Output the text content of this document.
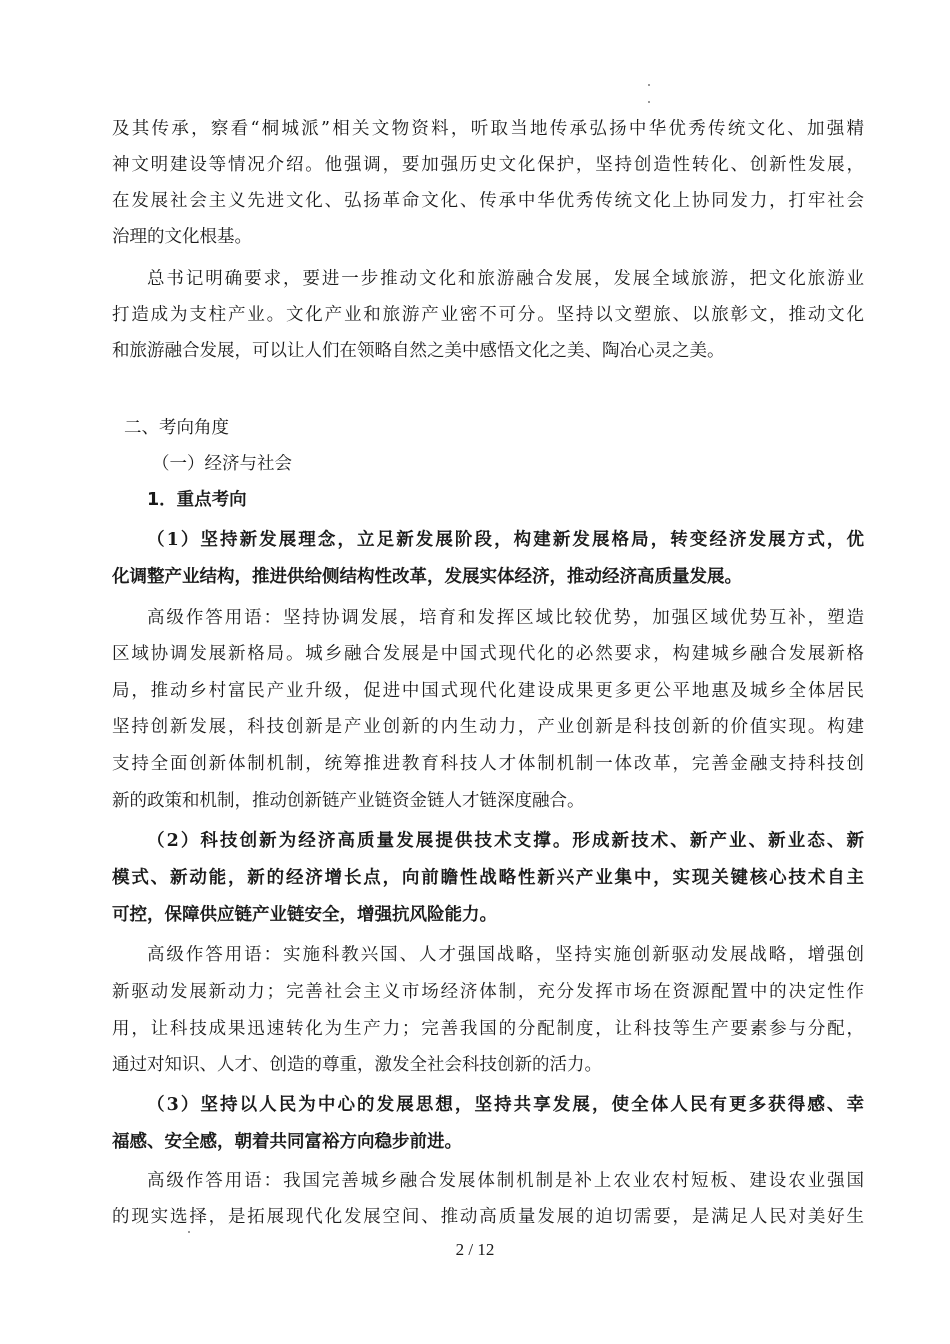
及其传承，察看“桐城派”相关文物资料，听取当地传承弘扬中华优秀传统文化、加强精
神文明建设等情况介绍。他强调，要加强历史文化保护，坚持创造性转化、创新性发展，
在发展社会主义先进文化、弘扬革命文化、传承中华优秀传统文化上协同发力，打牢社会
治理的文化根基。
总书记明确要求，要进一步推动文化和旅游融合发展，发展全域旅游，把文化旅游业
打造成为支柱产业。文化产业和旅游产业密不可分。坚持以文塑旅、以旅彰文，推动文化
和旅游融合发展，可以让人们在领略自然之美中感悟文化之美、陶冶心灵之美。
二、考向角度
（一）经济与社会
1．重点考向
（1）坚持新发展理念，立足新发展阶段，构建新发展格局，转变经济发展方式，优
化调整产业结构，推进供给侧结构性改革，发展实体经济，推动经济高质量发展。
高级作答用语：坚持协调发展，培育和发挥区域比较优势，加强区域优势互补，塑造
区域协调发展新格局。城乡融合发展是中国式现代化的必然要求，构建城乡融合发展新格
局，推动乡村富民产业升级，促进中国式现代化建设成果更多更公平地惠及城乡全体居民
坚持创新发展，科技创新是产业创新的内生动力，产业创新是科技创新的价值实现。构建
支持全面创新体制机制，统筹推进教育科技人才体制机制一体改革，完善金融支持科技创
新的政策和机制，推动创新链产业链资金链人才链深度融合。
（2）科技创新为经济高质量发展提供技术支撑。形成新技术、新产业、新业态、新
模式、新动能，新的经济增长点，向前瞻性战略性新兴产业集中，实现关键核心技术自主
可控，保障供应链产业链安全，增强抗风险能力。
高级作答用语：实施科教兴国、人才强国战略，坚持实施创新驱动发展战略，增强创
新驱动发展新动力；完善社会主义市场经济体制，充分发挥市场在资源配置中的决定性作
用，让科技成果迅速转化为生产力；完善我国的分配制度，让科技等生产要素参与分配，
通过对知识、人才、创造的尊重，激发全社会科技创新的活力。
（3）坚持以人民为中心的发展思想，坚持共享发展，使全体人民有更多获得感、幸
福感、安全感，朝着共同富裕方向稳步前进。
高级作答用语：我国完善城乡融合发展体制机制是补上农业农村短板、建设农业强国
的现实选择，是拓展现代化发展空间、推动高质量发展的迫切需要，是满足人民对美好生
2 / 12
